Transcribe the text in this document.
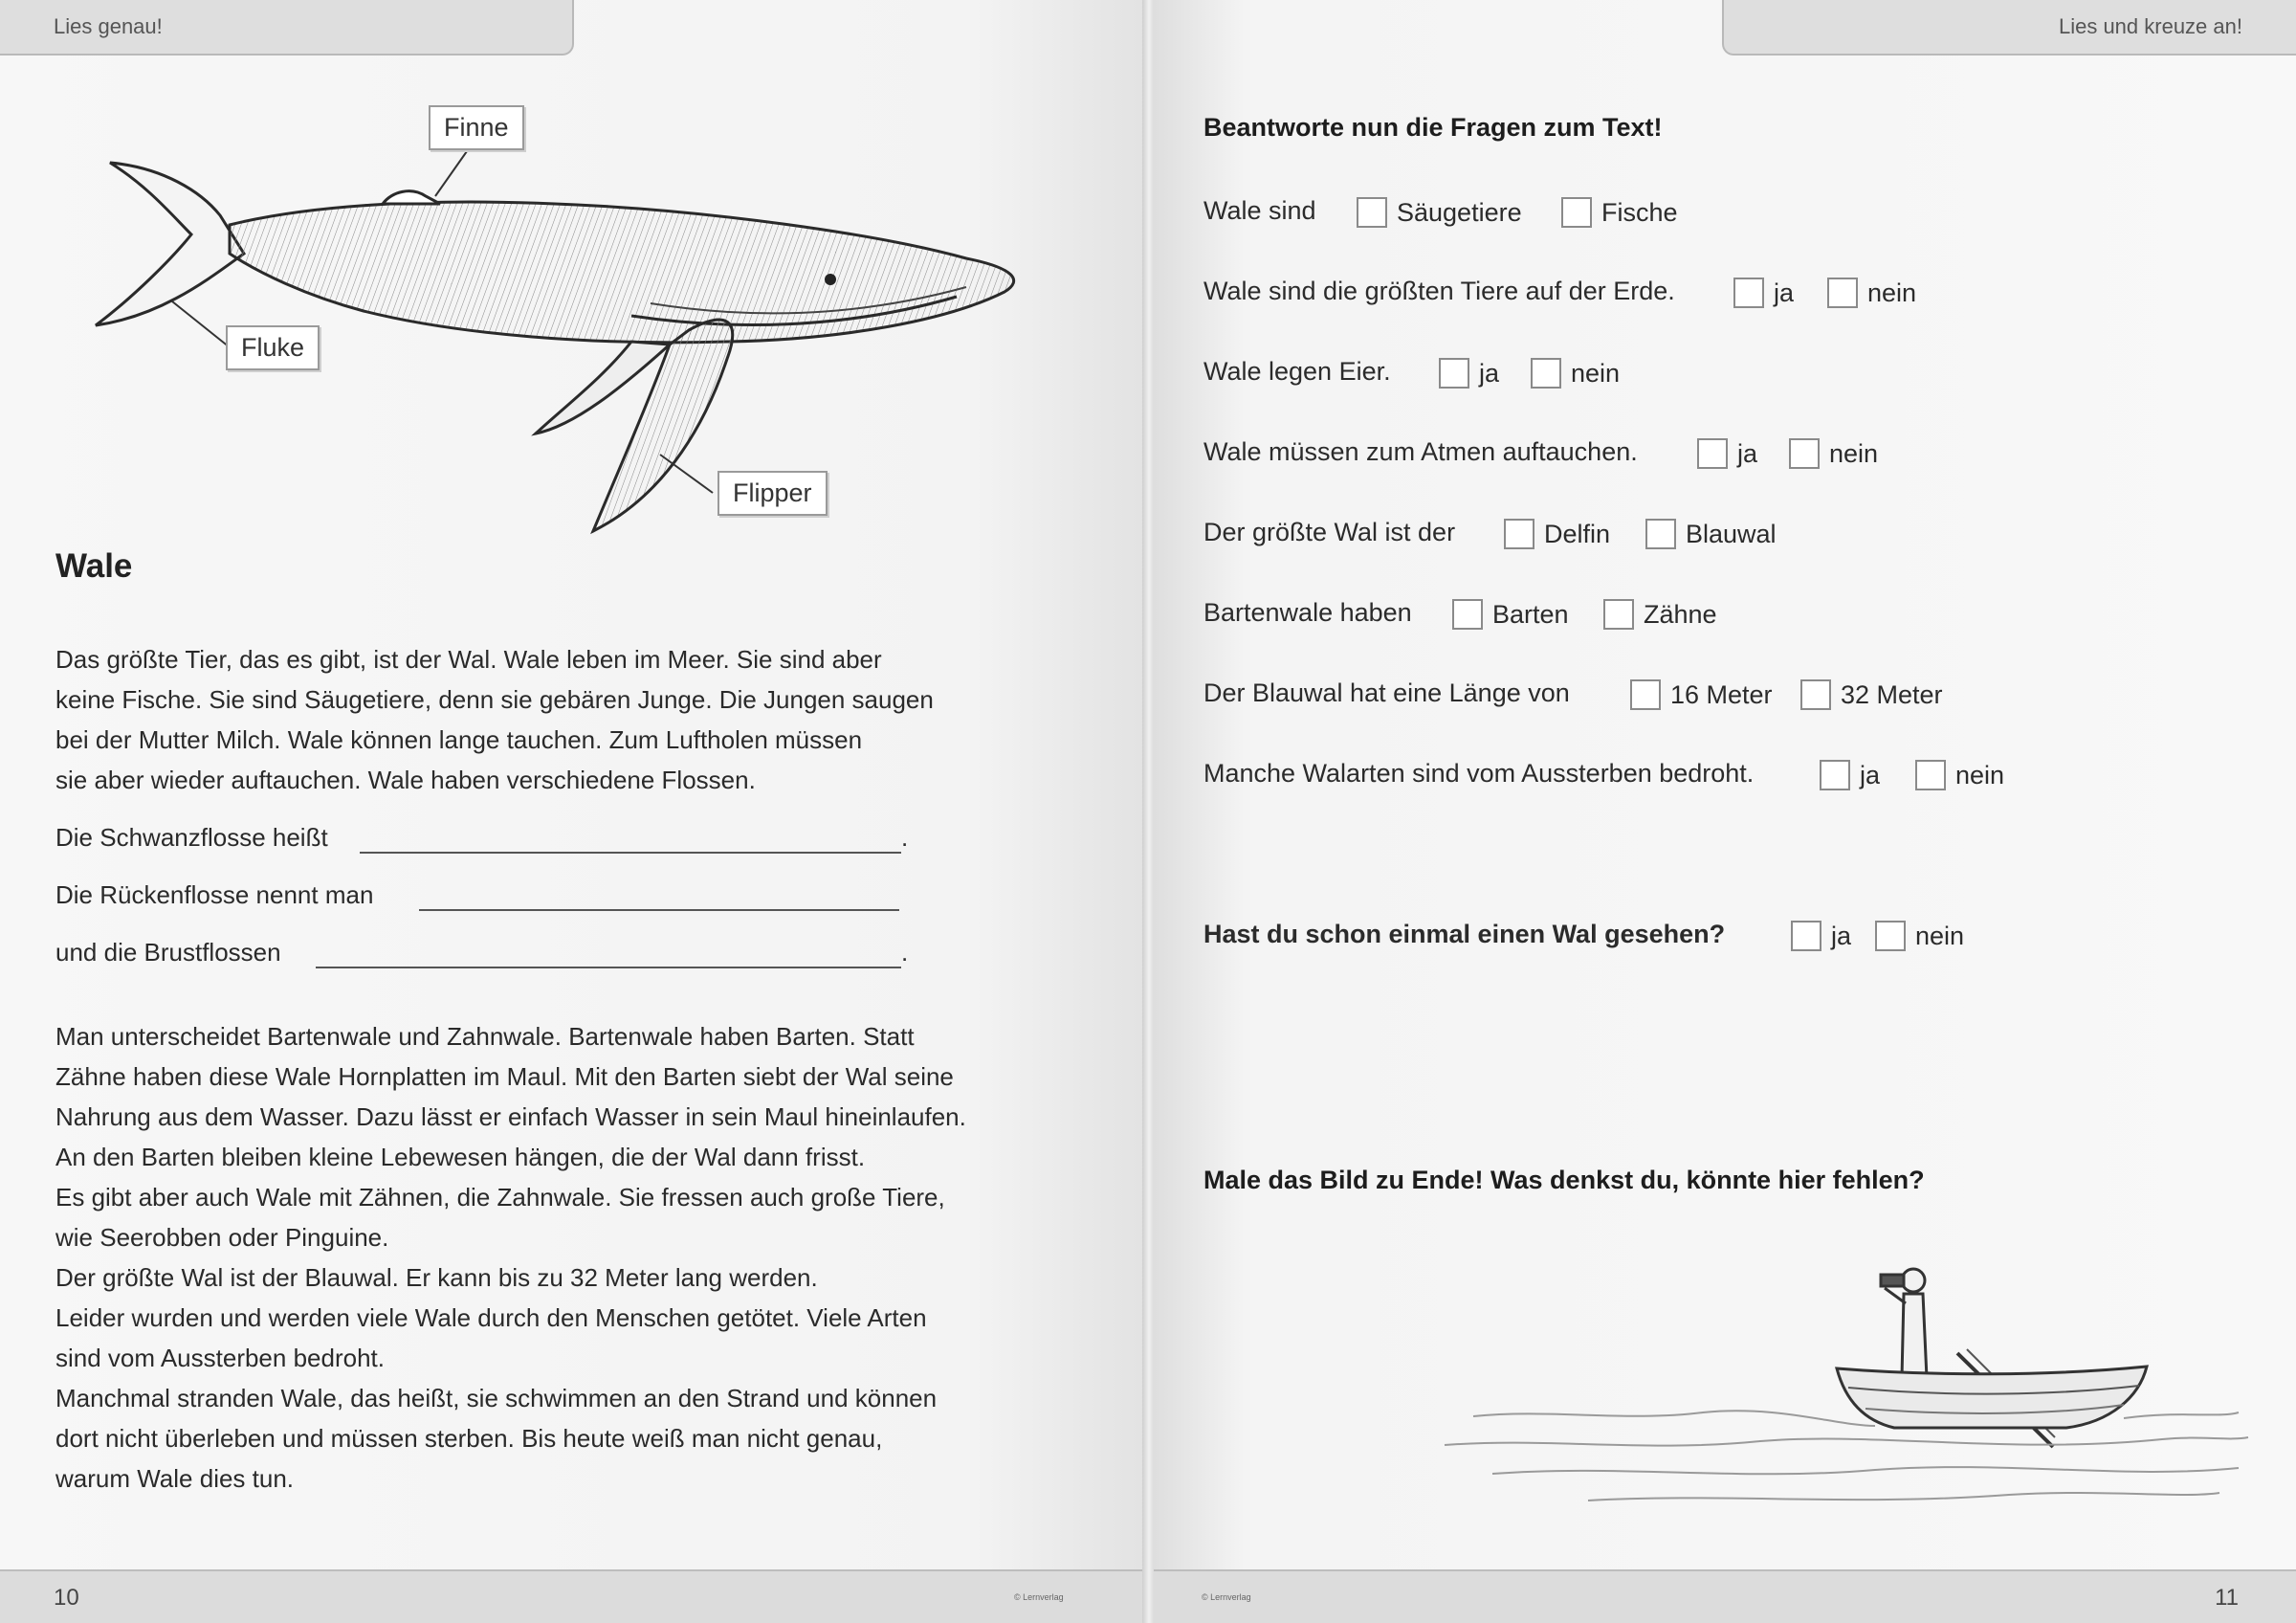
Lies genau!
Finne
Fluke
Flipper
Wale
Das größte Tier, das es gibt, ist der Wal. Wale leben im Meer. Sie sind aber
keine Fische. Sie sind Säugetiere, denn sie gebären Junge. Die Jungen saugen
bei der Mutter Milch. Wale können lange tauchen. Zum Luftholen müssen
sie aber wieder auftauchen. Wale haben verschiedene Flossen.
Die Schwanzflosse heißt	.
Die Rückenflosse nennt man
und die Brustflossen	.
Man unterscheidet Bartenwale und Zahnwale. Bartenwale haben Barten. Statt
Zähne haben diese Wale Hornplatten im Maul. Mit den Barten siebt der Wal seine
Nahrung aus dem Wasser. Dazu lässt er einfach Wasser in sein Maul hineinlaufen.
An den Barten bleiben kleine Lebewesen hängen, die der Wal dann frisst.
Es gibt aber auch Wale mit Zähnen, die Zahnwale. Sie fressen auch große Tiere,
wie Seerobben oder Pinguine.
Der größte Wal ist der Blauwal. Er kann bis zu 32 Meter lang werden.
Leider wurden und werden viele Wale durch den Menschen getötet. Viele Arten
sind vom Aussterben bedroht.
Manchmal stranden Wale, das heißt, sie schwimmen an den Strand und können
dort nicht überleben und müssen sterben. Bis heute weiß man nicht genau,
warum Wale dies tun.
10	© Lernverlag
Lies und kreuze an!
© Lernverlag	11
Beantworte nun die Fragen zum Text!
Wale sind	Säugetiere	Fische
Wale sind die größten Tiere auf der Erde.	ja	nein
Wale legen Eier.	ja	nein
Wale müssen zum Atmen auftauchen.	ja	nein
Der größte Wal ist der	Delfin	Blauwal
Bartenwale haben	Barten	Zähne
Der Blauwal hat eine Länge von	16 Meter	32 Meter
Manche Walarten sind vom Aussterben bedroht.	ja	nein
Hast du schon einmal einen Wal gesehen?	ja	nein
Male das Bild zu Ende! Was denkst du, könnte hier fehlen?
